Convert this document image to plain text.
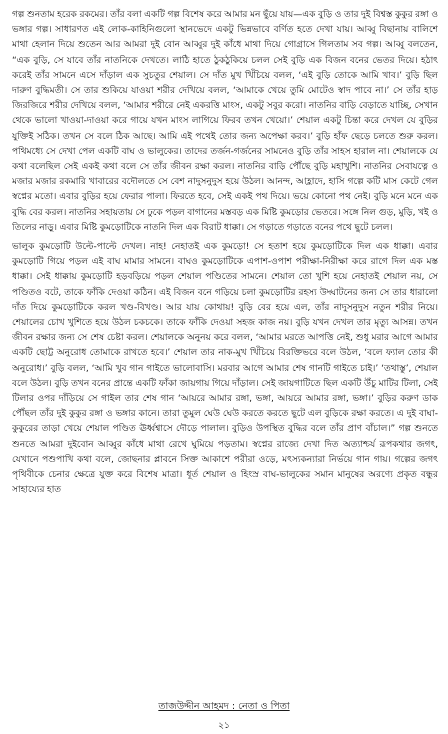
গল্প শুনতাম হরেক রকমের। তাঁর বলা একটি গল্প বিশেষ করে আমার মন ছুঁয়ে যায়—এক বুড়ি ও তার দুই বিশ্বস্ত কুকুর রঙ্গা ও ভঙ্গার গল্প। সাধারণত এই লোক-কাহিনিগুলো স্থানভেদে একটু ভিন্নভাবে বর্ণিত হতে দেখা যায়। আব্বু বিছানায় বালিশে মাথা হেলান দিয়ে শুতেন আর আমরা দুই বোন আব্বুর দুই কাঁধে মাথা দিয়ে গোগ্রাসে গিলতাম সব গল্প। আব্বু বলতেন, “এক বুড়ি, সে যাবে তাঁর নাতনিকে দেখতে। লাঠি হাতে ঠুকঠুকিয়ে চলল সেই বুড়ি এক বিজন বনের ভেতর দিয়ে। হঠাৎ করেই তাঁর সামনে এসে দাঁড়াল এক সুচতুর শেয়াল। সে দাঁত মুখ খিঁচিয়ে বলল, ‘এই বুড়ি তোকে আমি খাব।’ বুড়ি ছিল দারুণ বুদ্ধিমতী। সে তার শুকিয়ে যাওয়া শরীর দেখিয়ে বলল, ‘আমাকে খেয়ে তুমি মোটেও স্বাদ পাবে না।’ সে তাঁর হাড় জিরজিরে শরীর দেখিয়ে বলল, ‘আমার শরীরে নেই একরত্তি মাংস, একটু সবুর করো। নাতনির বাড়ি বেড়াতে যাচ্ছি, সেখান থেকে ভালো খাওয়া-দাওয়া করে গায়ে যখন মাংস লাগিয়ে ফিরব তখন খেয়ো।’ শেয়াল একটু চিন্তা করে দেখল যে বুড়ির যুক্তিই সঠিক। তখন সে বলে ঠিক আছে। আমি এই পথেই তোর জন্য অপেক্ষা করব।’ বুড়ি হাঁফ ছেড়ে চলতে শুরু করল। পথিমধ্যে সে দেখা পেল একটি বাঘ ও ভালুকের। তাদের তর্জন-গর্জনের সামনেও বুড়ি তাঁর সাহস হারাল না। শেয়ালকে যে কথা বলেছিল সেই একই কথা বলে সে তাঁর জীবন রক্ষা করল। নাতনির বাড়ি পৌঁছে বুড়ি মহাখুশি। নাতনির সেবাযত্নে ও মজার মজার রকমারি খাবারের বদৌলতে সে বেশ নাদুসনুদুস হয়ে উঠল। আনন্দ, আহ্লাদে, হাসি গল্পে কটি মাস কেটে গেল স্বপ্নের মতো। এবার বুড়ির হয়ে ফেরার পালা। ফিরতে হবে, সেই একই পথ দিয়ে। ভয়ে কোনো পথ নেই। বুড়ি মনে মনে এক বুদ্ধি বের করল। নাতনির সহায়তায় সে ঢুকে পড়ল বাগানের মস্তবড় এক মিষ্টি কুমড়োর ভেতরে। সঙ্গে নিল গুড়, মুড়ি, খই ও তিলের নাড়ু। এবার মিষ্টি কুমড়োটিকে নাতনি দিল এক বিরাট ধাক্কা। সে গড়াতে গড়াতে বনের পথে ছুটে চলল।

ভালুক কুমড়োটি উল্টে-পাল্টে দেখল। নাহ! নেহাতই এক কুমড়ো! সে হতাশ হয়ে কুমড়োটিকে দিল এক ধাক্কা। এবার কুমড়োটি গিয়ে পড়ল এই বাঘ মামার সামনে। বাঘও কুমড়োটিকে এপাশ-ওপাশ পরীক্ষা-নিরীক্ষা করে রাগে দিল এক মস্ত ধাক্কা। সেই ধাক্কায় কুমড়োটি হড়বড়িয়ে পড়ল শেয়াল পণ্ডিতের সামনে। শেয়াল তো খুশি হয়ে নেহাতই শেয়াল নয়, সে পণ্ডিতও বটে, তাকে ফাঁকি দেওয়া কঠিন। এই বিজন বনে গড়িয়ে চলা কুমড়োটির রহস্য উদ্ঘাটনের জন্য সে তার ধারালো দাঁত দিয়ে কুমড়োটিকে করল খণ্ড-বিখণ্ড। আর যায় কোথায়! বুড়ি বের হয়ে এল, তাঁর নাদুসনুদুস নতুন শরীর নিয়ে। শেয়ালের চোখ খুশিতে হয়ে উঠল চকচকে। তাকে ফাঁকি দেওয়া সহজ কাজ নয়। বুড়ি যখন দেখল তার মৃত্যু আসন্ন। তখন জীবন রক্ষার জন্য সে শেষ চেষ্টা করল। শেয়ালকে অনুনয় করে বলল, ‘আমার মরতে আপত্তি নেই, শুধু মরার আগে আমার একটি ছোট্ট অনুরোধ তোমাকে রাখতে হবে।’ শেয়াল তার নাক-মুখ খিঁচিয়ে বিরক্তিভরে বলে উঠল, ‘বলে ফ্যাল তোর কী অনুরোধ।’ বুড়ি বলল, ‘আমি খুব গান গাইতে ভালোবাসি। মরবার আগে আমার শেষ গানটি গাইতে চাই।’ ‘তথাস্তু’, শেয়াল বলে উঠল। বুড়ি তখন বনের প্রান্তে একটি ফাঁকা জায়গায় গিয়ে দাঁড়াল। সেই জায়গাটিতে ছিল একটি উঁচু মাটির টিলা, সেই টিলার ওপর দাঁড়িয়ে সে গাইল তার শেষ গান ‘আয়রে আমার রঙ্গা, ভঙ্গা, আয়রে আমার রঙ্গা, ভঙ্গা।’ বুড়ির করুণ ডাক পৌঁছল তাঁর দুই কুকুর রঙ্গা ও ভঙ্গার কানে। তারা তুমুল ঘেউ ঘেউ করতে করতে ছুটে এল বুড়িকে রক্ষা করতে। এ দুই বাঘা-কুকুরের তাড়া খেয়ে শেয়াল পণ্ডিত ঊর্ধ্বশ্বাসে দৌড়ে পালাল। বুড়িও উপস্থিত বুদ্ধির বলে তাঁর প্রাণ বাঁচাল।” গল্প শুনতে শুনতে আমরা দুইবোন আব্বুর কাঁধে মাথা রেখে ঘুমিয়ে পড়তাম। স্বপ্নের রাজ্যে দেখা দিত অত্যাশ্চর্য রূপকথার জগৎ, যেখানে পশুপাখি কথা বলে, জোছনার প্লাবনে সিক্ত আকাশে পরীরা ওড়ে, মৎস্যকন্যারা নির্ভয়ে গান গায়। গল্পের জগৎ পৃথিবীকে চেনার ক্ষেত্রে যুক্ত করে বিশেষ মাত্রা। ধূর্ত শেয়াল ও হিংস্র বাঘ-ভালুকের সমান মানুষের অরণ্যে প্রকৃত বন্ধুর সাহায্যের হাত

তাজউদ্দীন আহমদ : নেতা ও পিতা
২১
